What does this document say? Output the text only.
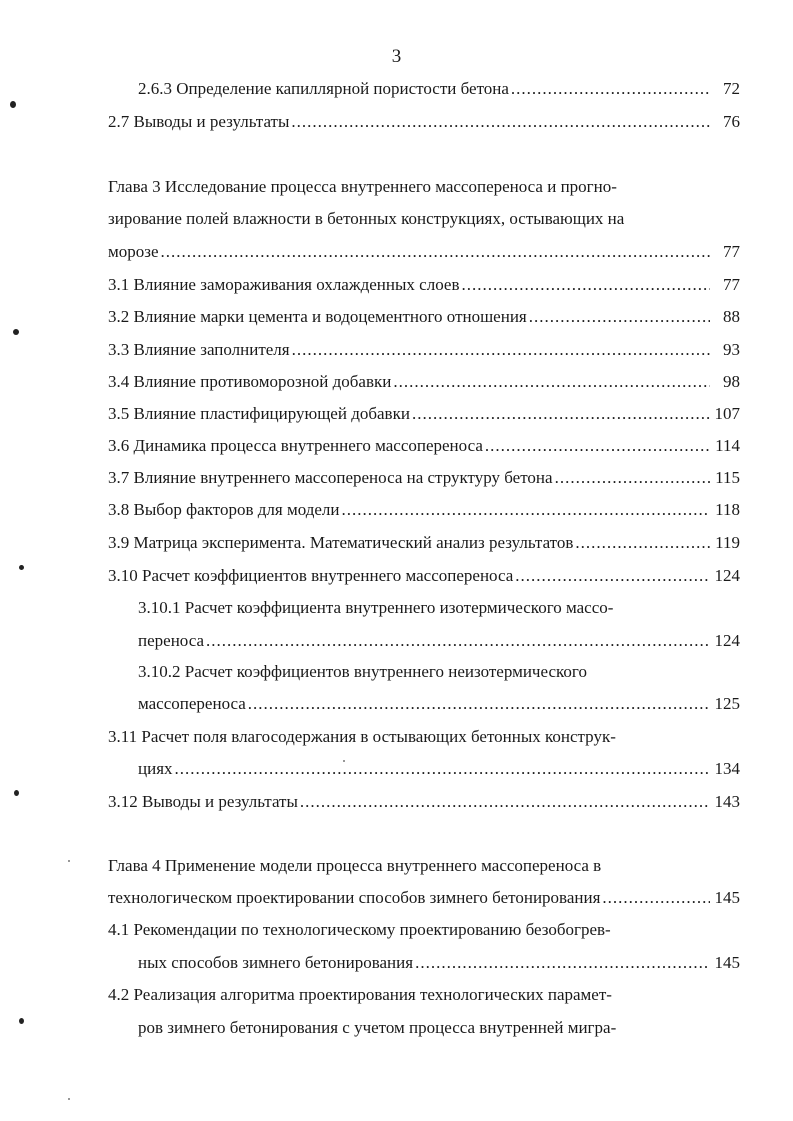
3
2.6.3 Определение капиллярной пористости бетона .....	72
2.7 Выводы и результаты .....	76
Глава 3 Исследование процесса внутреннего массопереноса и прогно-
зирование полей влажности в бетонных конструкциях, остывающих на
морозе .....	77
3.1 Влияние замораживания охлажденных слоев .....	77
3.2 Влияние марки цемента и водоцементного отношения .....	88
3.3 Влияние заполнителя .....	93
3.4 Влияние противоморозной добавки .....	98
3.5 Влияние пластифицирующей добавки .....	107
3.6 Динамика процесса внутреннего массопереноса .....	114
3.7 Влияние внутреннего массопереноса на структуру бетона .....	115
3.8 Выбор факторов для модели .....	118
3.9 Матрица эксперимента. Математический анализ результатов .....	119
3.10 Расчет коэффициентов внутреннего массопереноса .....	124
3.10.1 Расчет коэффициента внутреннего изотермического массо-
переноса .....	124
3.10.2 Расчет коэффициентов внутреннего неизотермического
массопереноса .....	125
3.11 Расчет поля влагосодержания в остывающих бетонных конструк-
циях .....	134
3.12 Выводы и результаты .....	143
Глава 4 Применение модели процесса внутреннего массопереноса в
технологическом проектировании способов зимнего бетонирования .....	145
4.1 Рекомендации по технологическому проектированию безобогрев-
ных способов зимнего бетонирования .....	145
4.2 Реализация алгоритма проектирования технологических парамет-
ров зимнего бетонирования с учетом процесса внутренней мигра-
